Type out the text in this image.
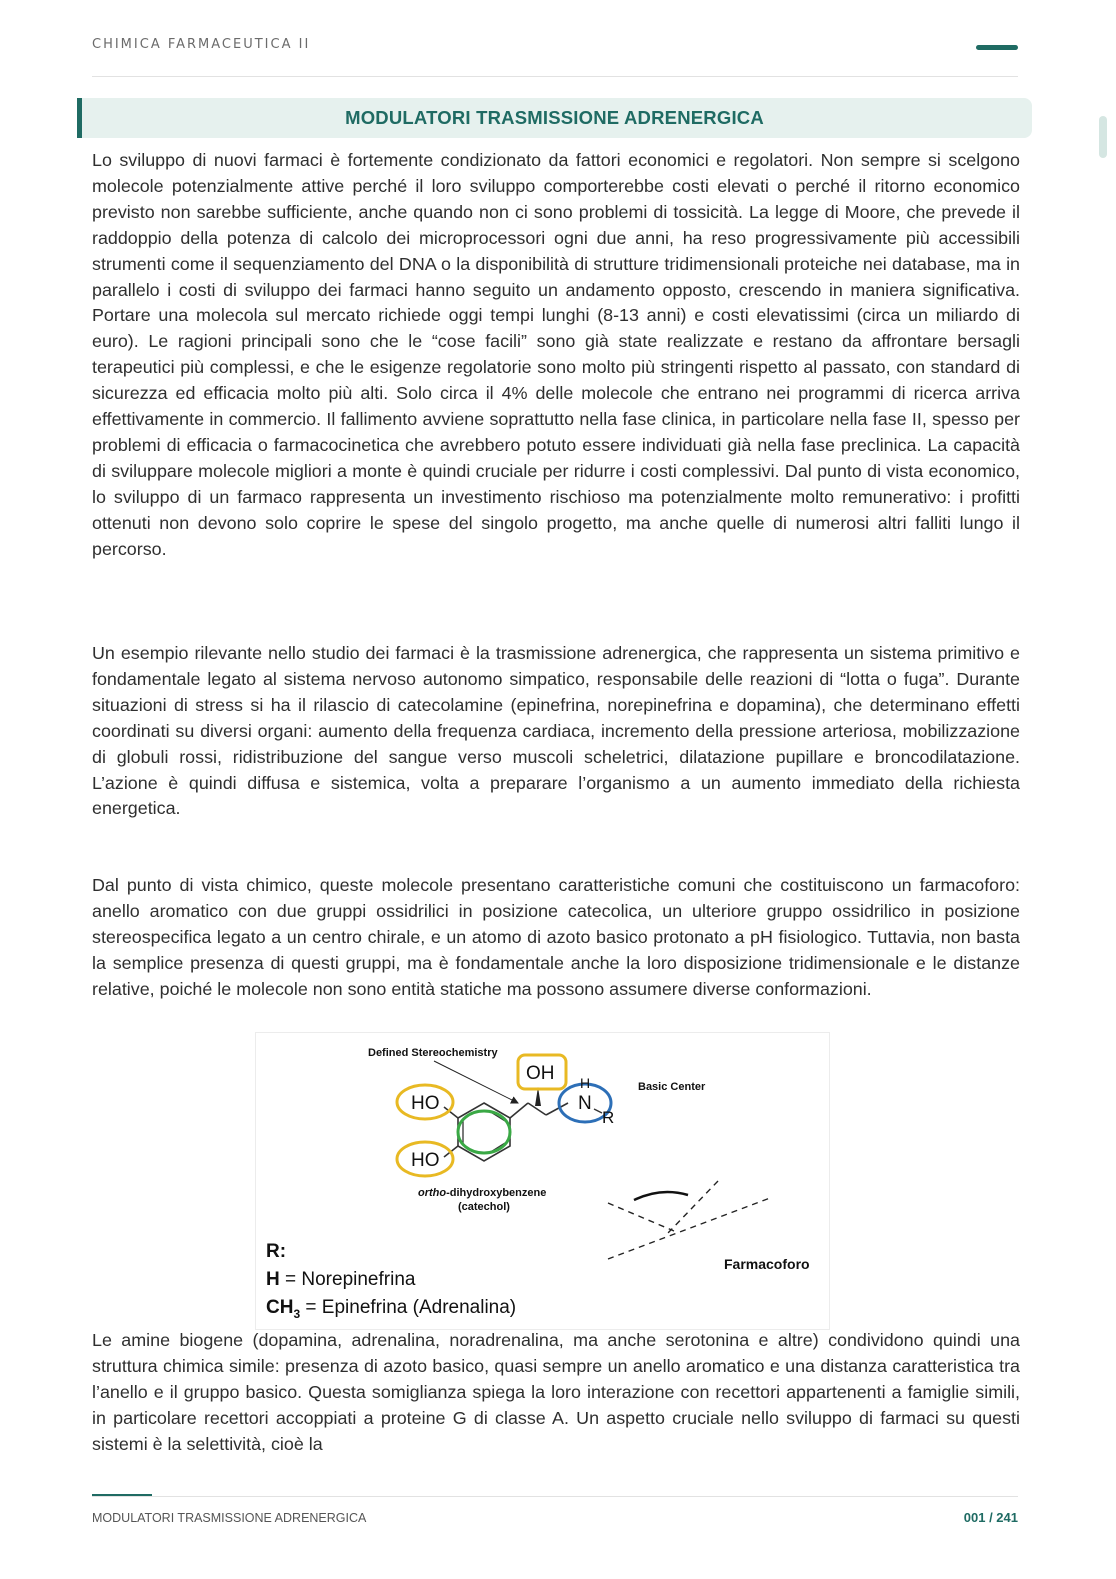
CHIMICA FARMACEUTICA II
MODULATORI TRASMISSIONE ADRENERGICA

Lo sviluppo di nuovi farmaci è fortemente condizionato da fattori economici e regolatori. Non sempre si scelgono molecole potenzialmente attive perché il loro sviluppo comporterebbe costi elevati o perché il ritorno economico previsto non sarebbe sufficiente, anche quando non ci sono problemi di tossicità. La legge di Moore, che prevede il raddoppio della potenza di calcolo dei microprocessori ogni due anni, ha reso progressivamente più accessibili strumenti come il sequenziamento del DNA o la disponibilità di strutture tridimensionali proteiche nei database, ma in parallelo i costi di sviluppo dei farmaci hanno seguito un andamento opposto, crescendo in maniera significativa. Portare una molecola sul mercato richiede oggi tempi lunghi (8-13 anni) e costi elevatissimi (circa un miliardo di euro). Le ragioni principali sono che le “cose facili” sono già state realizzate e restano da affrontare bersagli terapeutici più complessi, e che le esigenze regolatorie sono molto più stringenti rispetto al passato, con standard di sicurezza ed efficacia molto più alti. Solo circa il 4% delle molecole che entrano nei programmi di ricerca arriva effettivamente in commercio. Il fallimento avviene soprattutto nella fase clinica, in particolare nella fase II, spesso per problemi di efficacia o farmacocinetica che avrebbero potuto essere individuati già nella fase preclinica. La capacità di sviluppare molecole migliori a monte è quindi cruciale per ridurre i costi complessivi. Dal punto di vista economico, lo sviluppo di un farmaco rappresenta un investimento rischioso ma potenzialmente molto remunerativo: i profitti ottenuti non devono solo coprire le spese del singolo progetto, ma anche quelle di numerosi altri falliti lungo il percorso.

Un esempio rilevante nello studio dei farmaci è la trasmissione adrenergica, che rappresenta un sistema primitivo e fondamentale legato al sistema nervoso autonomo simpatico, responsabile delle reazioni di “lotta o fuga”. Durante situazioni di stress si ha il rilascio di catecolamine (epinefrina, norepinefrina e dopamina), che determinano effetti coordinati su diversi organi: aumento della frequenza cardiaca, incremento della pressione arteriosa, mobilizzazione di globuli rossi, ridistribuzione del sangue verso muscoli scheletrici, dilatazione pupillare e broncodilatazione. L’azione è quindi diffusa e sistemica, volta a preparare l’organismo a un aumento immediato della richiesta energetica.

Dal punto di vista chimico, queste molecole presentano caratteristiche comuni che costituiscono un farmacoforo: anello aromatico con due gruppi ossidrilici in posizione catecolica, un ulteriore gruppo ossidrilico in posizione stereospecifica legato a un centro chirale, e un atomo di azoto basico protonato a pH fisiologico. Tuttavia, non basta la semplice presenza di questi gruppi, ma è fondamentale anche la loro disposizione tridimensionale e le distanze relative, poiché le molecole non sono entità statiche ma possono assumere diverse conformazioni.

Defined Stereochemistry
HO
HO
OH
N
H
R
Basic Center
ortho-dihydroxybenzene
(catechol)
Farmacoforo
R:
H = Norepinefrina
$CH_3$ = Epinefrina (Adrenalina)

Le amine biogene (dopamina, adrenalina, noradrenalina, ma anche serotonina e altre) condividono quindi una struttura chimica simile: presenza di azoto basico, quasi sempre un anello aromatico e una distanza caratteristica tra l’anello e il gruppo basico. Questa somiglianza spiega la loro interazione con recettori appartenenti a famiglie simili, in particolare recettori accoppiati a proteine G di classe A. Un aspetto cruciale nello sviluppo di farmaci su questi sistemi è la selettività, cioè la

MODULATORI TRASMISSIONE ADRENERGICA	001 / 241
